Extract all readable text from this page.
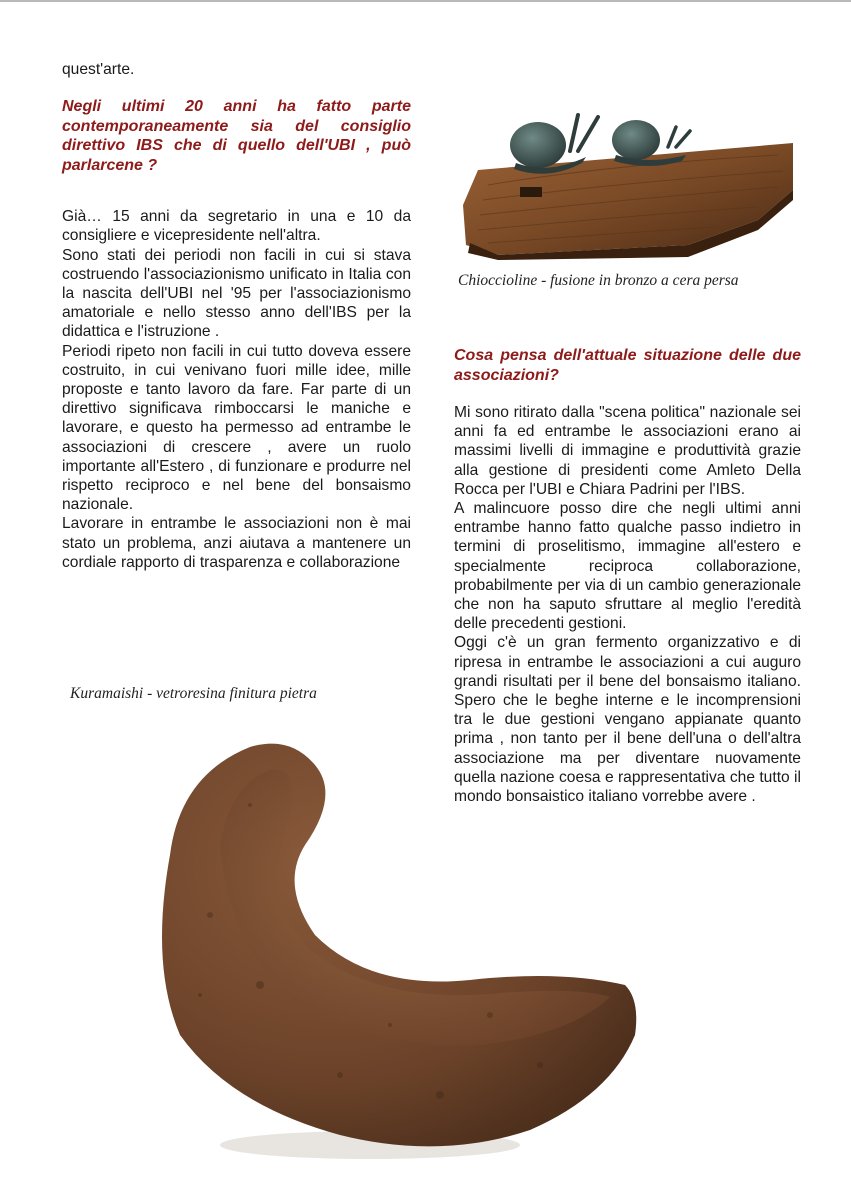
quest'arte.

Negli ultimi 20 anni ha fatto parte contemporaneamente sia del consiglio direttivo IBS che di quello dell'UBI , può parlarcene ?

Già… 15 anni da segretario in una e 10 da consigliere e vicepresidente nell'altra.

Sono stati dei periodi non facili in cui si stava costruendo l'associazionismo unificato in Italia con la nascita dell'UBI nel '95 per l'associazionismo amatoriale e nello stesso anno dell'IBS per la didattica e l'istruzione .

Periodi ripeto non facili in cui tutto doveva essere costruito, in cui venivano fuori mille idee, mille proposte e tanto lavoro da fare. Far parte di un direttivo significava rimboccarsi le maniche e lavorare, e questo ha permesso ad entrambe le associazioni di crescere , avere un ruolo importante all'Estero , di funzionare e produrre nel rispetto reciproco e nel bene del bonsaismo nazionale.

Lavorare in entrambe le associazioni non è mai stato un problema, anzi aiutava a mantenere un cordiale rapporto di trasparenza e collaborazione

Chioccioline - fusione in bronzo a cera persa

Cosa pensa dell'attuale situazione delle due associazioni?

Mi sono ritirato dalla "scena politica" nazionale sei anni fa ed entrambe le associazioni erano ai massimi livelli di immagine e produttività grazie alla gestione di presidenti come Amleto Della Rocca per l'UBI e Chiara Padrini per l'IBS.

A malincuore posso dire che negli ultimi anni entrambe hanno fatto qualche passo indietro in termini di proselitismo, immagine all'estero e specialmente reciproca collaborazione, probabilmente per via di un cambio generazionale che non ha saputo sfruttare al meglio l'eredità delle precedenti gestioni.

Oggi c'è un gran fermento organizzativo e di ripresa in entrambe le associazioni a cui auguro grandi risultati per il bene del bonsaismo italiano. Spero che le beghe interne e le incomprensioni tra le due gestioni vengano appianate quanto prima , non tanto per il bene dell'una o dell'altra associazione ma per diventare nuovamente quella nazione coesa e rappresentativa che tutto il mondo bonsaistico italiano vorrebbe avere .

Kuramaishi - vetroresina finitura pietra
